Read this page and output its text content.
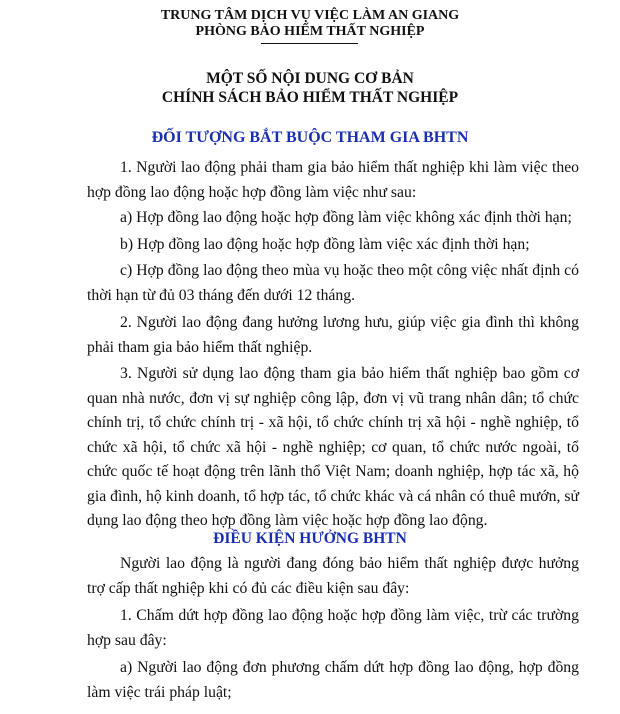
TRUNG TÂM DỊCH VỤ VIỆC LÀM AN GIANG
PHÒNG BẢO HIỂM THẤT NGHIỆP
MỘT SỐ NỘI DUNG CƠ BẢN
CHÍNH SÁCH BẢO HIỂM THẤT NGHIỆP
ĐỐI TƯỢNG BẮT BUỘC THAM GIA BHTN
1. Người lao động phải tham gia bảo hiểm thất nghiệp khi làm việc theo hợp đồng lao động hoặc hợp đồng làm việc như sau:
a) Hợp đồng lao động hoặc hợp đồng làm việc không xác định thời hạn;
b) Hợp đồng lao động hoặc hợp đồng làm việc xác định thời hạn;
c) Hợp đồng lao động theo mùa vụ hoặc theo một công việc nhất định có thời hạn từ đủ 03 tháng đến dưới 12 tháng.
2. Người lao động đang hưởng lương hưu, giúp việc gia đình thì không phải tham gia bảo hiểm thất nghiệp.
3. Người sử dụng lao động tham gia bảo hiểm thất nghiệp bao gồm cơ quan nhà nước, đơn vị sự nghiệp công lập, đơn vị vũ trang nhân dân; tổ chức chính trị, tổ chức chính trị - xã hội, tổ chức chính trị xã hội - nghề nghiệp, tổ chức xã hội, tổ chức xã hội - nghề nghiệp; cơ quan, tổ chức nước ngoài, tổ chức quốc tế hoạt động trên lãnh thổ Việt Nam; doanh nghiệp, hợp tác xã, hộ gia đình, hộ kinh doanh, tổ hợp tác, tổ chức khác và cá nhân có thuê mướn, sử dụng lao động theo hợp đồng làm việc hoặc hợp đồng lao động.
ĐIỀU KIỆN HƯỞNG BHTN
Người lao động là người đang đóng bảo hiểm thất nghiệp được hưởng trợ cấp thất nghiệp khi có đủ các điều kiện sau đây:
1. Chấm dứt hợp đồng lao động hoặc hợp đồng làm việc, trừ các trường hợp sau đây:
a) Người lao động đơn phương chấm dứt hợp đồng lao động, hợp đồng làm việc trái pháp luật;
